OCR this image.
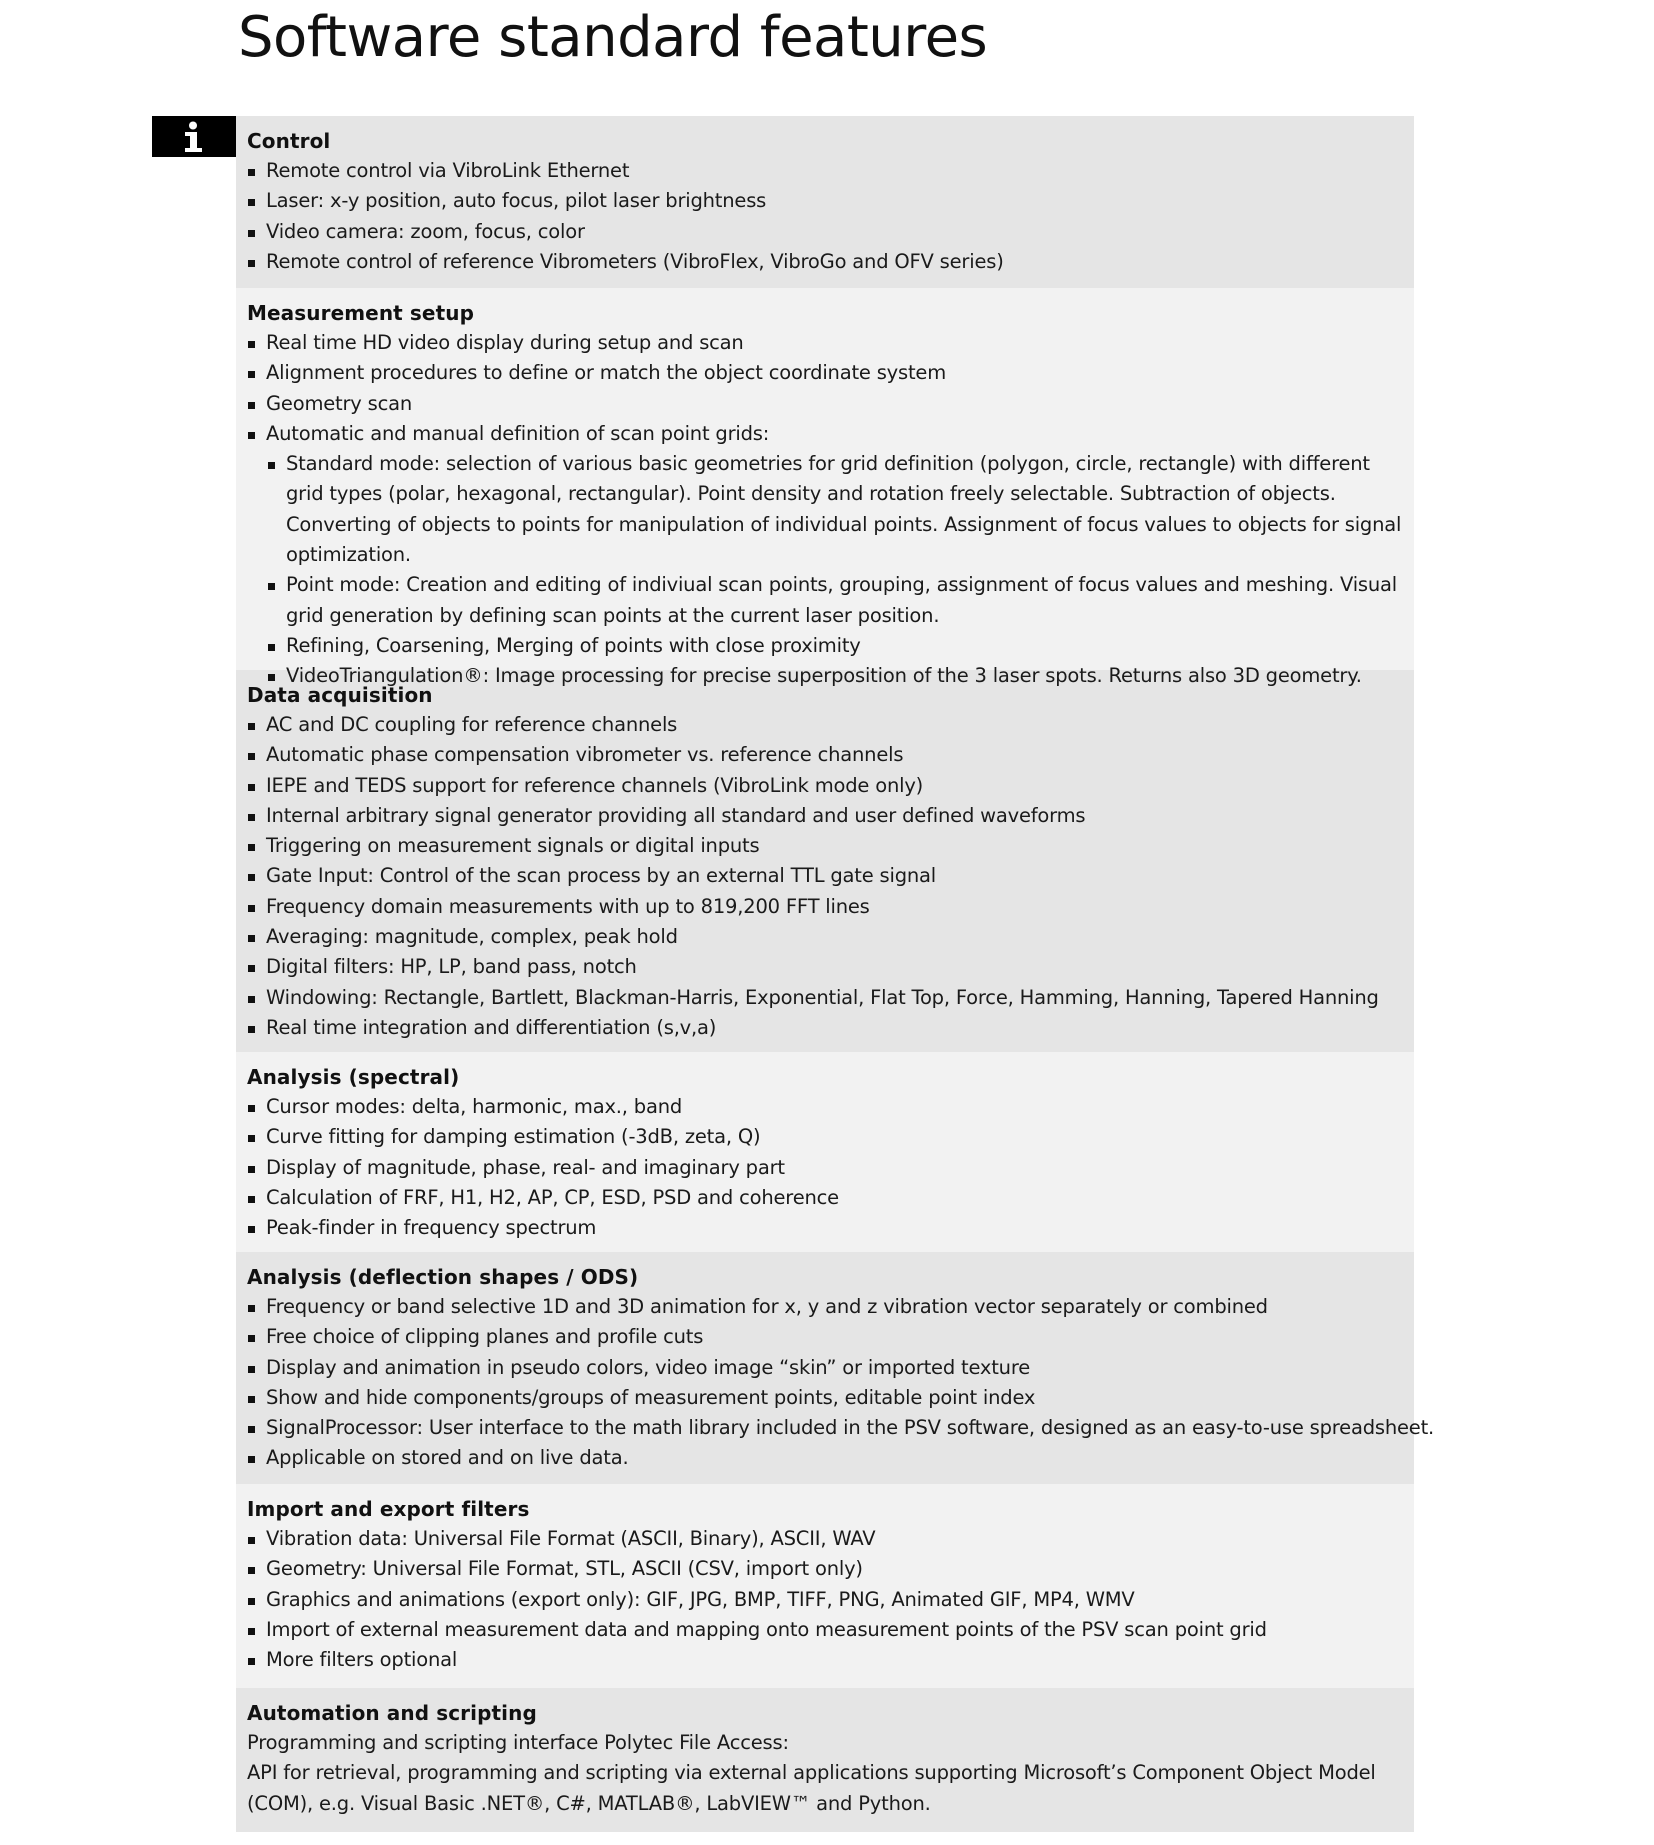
Software standard features
Control
Remote control via VibroLink Ethernet
Laser: x-y position, auto focus, pilot laser brightness
Video camera: zoom, focus, color
Remote control of reference Vibrometers (VibroFlex, VibroGo and OFV series)
Measurement setup
Real time HD video display during setup and scan
Alignment procedures to define or match the object coordinate system
Geometry scan
Automatic and manual definition of scan point grids:
Standard mode: selection of various basic geometries for grid definition (polygon, circle, rectangle) with different grid types (polar, hexagonal, rectangular). Point density and rotation freely selectable. Subtraction of objects. Converting of objects to points for manipulation of individual points. Assignment of focus values to objects for signal optimization.
Point mode: Creation and editing of indiviual scan points, grouping, assignment of focus values and meshing. Visual grid generation by defining scan points at the current laser position.
Refining, Coarsening, Merging of points with close proximity
VideoTriangulation®: Image processing for precise superposition of the 3 laser spots. Returns also 3D geometry.
Data acquisition
AC and DC coupling for reference channels
Automatic phase compensation vibrometer vs. reference channels
IEPE and TEDS support for reference channels (VibroLink mode only)
Internal arbitrary signal generator providing all standard and user defined waveforms
Triggering on measurement signals or digital inputs
Gate Input: Control of the scan process by an external TTL gate signal
Frequency domain measurements with up to 819,200 FFT lines
Averaging: magnitude, complex, peak hold
Digital filters: HP, LP, band pass, notch
Windowing: Rectangle, Bartlett, Blackman-Harris, Exponential, Flat Top, Force, Hamming, Hanning, Tapered Hanning
Real time integration and differentiation (s,v,a)
Analysis (spectral)
Cursor modes: delta, harmonic, max., band
Curve fitting for damping estimation (-3dB, zeta, Q)
Display of magnitude, phase, real- and imaginary part
Calculation of FRF, H1, H2, AP, CP, ESD, PSD and coherence
Peak-finder in frequency spectrum
Analysis (deflection shapes / ODS)
Frequency or band selective 1D and 3D animation for x, y and z vibration vector separately or combined
Free choice of clipping planes and profile cuts
Display and animation in pseudo colors, video image “skin” or imported texture
Show and hide components/groups of measurement points, editable point index
SignalProcessor: User interface to the math library included in the PSV software, designed as an easy-to-use spreadsheet.
Applicable on stored and on live data.
Import and export filters
Vibration data: Universal File Format (ASCII, Binary), ASCII, WAV
Geometry: Universal File Format, STL, ASCII (CSV, import only)
Graphics and animations (export only): GIF, JPG, BMP, TIFF, PNG, Animated GIF, MP4, WMV
Import of external measurement data and mapping onto measurement points of the PSV scan point grid
More filters optional
Automation and scripting

Programming and scripting interface Polytec File Access:

API for retrieval, programming and scripting via external applications supporting Microsoft’s Component Object Model (COM), e.g. Visual Basic .NET®, C#, MATLAB®, LabVIEW™ and Python.
